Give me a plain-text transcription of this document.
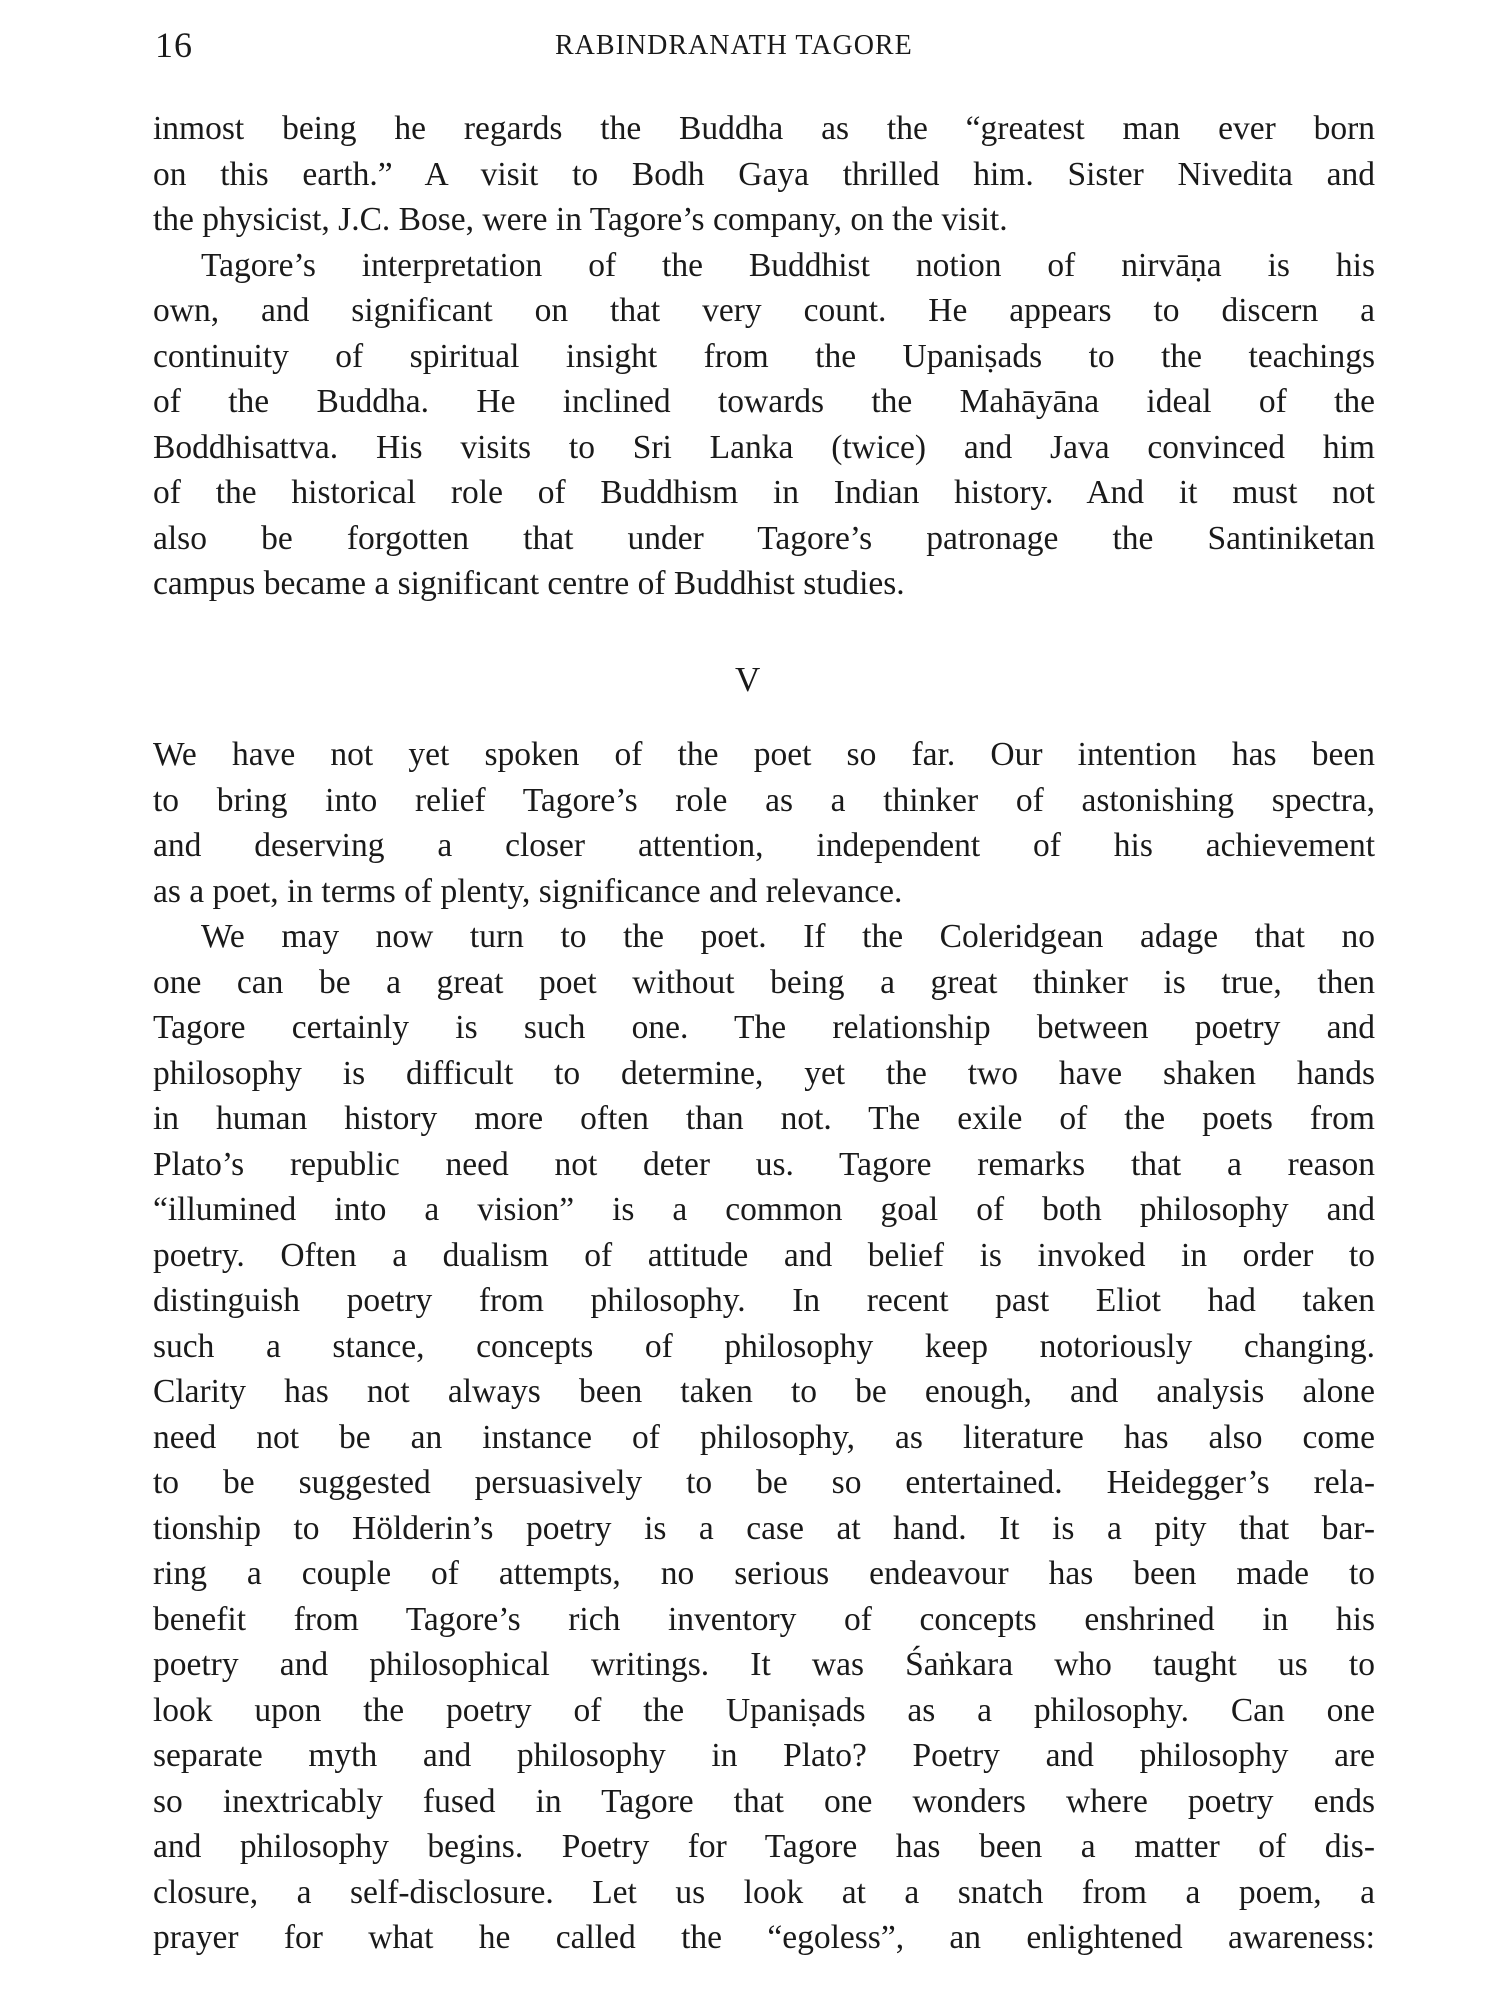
16	RABINDRANATH TAGORE
inmost being he regards the Buddha as the “greatest man ever born
on this earth.” A visit to Bodh Gaya thrilled him. Sister Nivedita and
the physicist, J.C. Bose, were in Tagore’s company, on the visit.
Tagore’s interpretation of the Buddhist notion of nirvāṇa is his
own, and significant on that very count. He appears to discern a
continuity of spiritual insight from the Upaniṣads to the teachings
of the Buddha. He inclined towards the Mahāyāna ideal of the
Boddhisattva. His visits to Sri Lanka (twice) and Java convinced him
of the historical role of Buddhism in Indian history. And it must not
also be forgotten that under Tagore’s patronage the Santiniketan
campus became a significant centre of Buddhist studies.
V
We have not yet spoken of the poet so far. Our intention has been
to bring into relief Tagore’s role as a thinker of astonishing spectra,
and deserving a closer attention, independent of his achievement
as a poet, in terms of plenty, significance and relevance.
We may now turn to the poet. If the Coleridgean adage that no
one can be a great poet without being a great thinker is true, then
Tagore certainly is such one. The relationship between poetry and
philosophy is difficult to determine, yet the two have shaken hands
in human history more often than not. The exile of the poets from
Plato’s republic need not deter us. Tagore remarks that a reason
“illumined into a vision” is a common goal of both philosophy and
poetry. Often a dualism of attitude and belief is invoked in order to
distinguish poetry from philosophy. In recent past Eliot had taken
such a stance, concepts of philosophy keep notoriously changing.
Clarity has not always been taken to be enough, and analysis alone
need not be an instance of philosophy, as literature has also come
to be suggested persuasively to be so entertained. Heidegger’s rela-
tionship to Hölderin’s poetry is a case at hand. It is a pity that bar-
ring a couple of attempts, no serious endeavour has been made to
benefit from Tagore’s rich inventory of concepts enshrined in his
poetry and philosophical writings. It was Śaṅkara who taught us to
look upon the poetry of the Upaniṣads as a philosophy. Can one
separate myth and philosophy in Plato? Poetry and philosophy are
so inextricably fused in Tagore that one wonders where poetry ends
and philosophy begins. Poetry for Tagore has been a matter of dis-
closure, a self-disclosure. Let us look at a snatch from a poem, a
prayer for what he called the “egoless”, an enlightened awareness:
